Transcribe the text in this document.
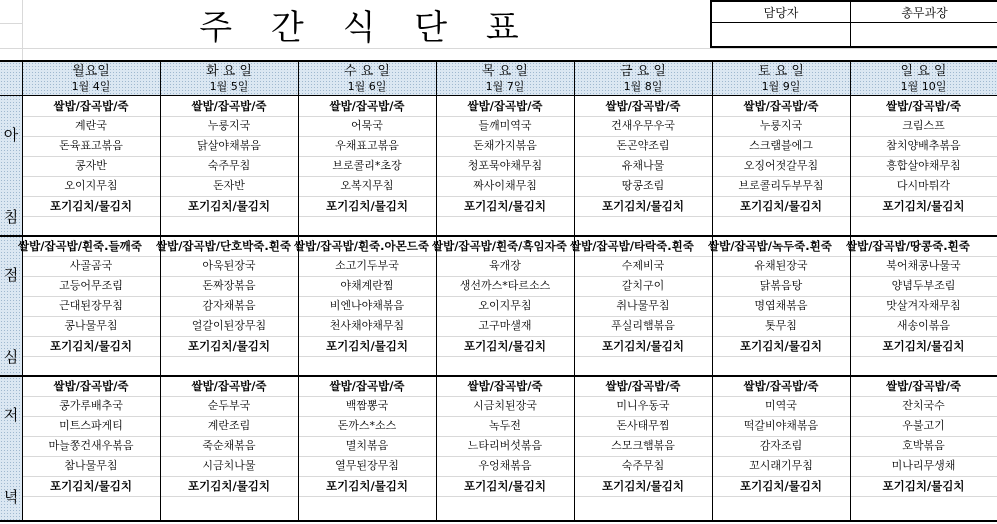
주 간 식 단 표	담당자	총무과장
아
침
점
심
저
녁
월요일
1월 4일
쌀밥/잡곡밥/죽
계란국
돈육표고볶음
콩자반
오이지무침
포기김치/물김치
쌀밥/잡곡밥/흰죽.들깨죽
사골곰국
고등어무조림
근대된장무침
콩나물무침
포기김치/물김치
쌀밥/잡곡밥/죽
콩가루배추국
미트스파게티
마늘쫑건새우볶음
참나물무침
포기김치/물김치
화 요 일
1월 5일
쌀밥/잡곡밥/죽
누룽지국
닭살야채볶음
숙주무침
돈자반
포기김치/물김치
쌀밥/잡곡밥/단호박죽.흰죽
아욱된장국
돈짜장볶음
감자채볶음
얼갈이된장무침
포기김치/물김치
쌀밥/잡곡밥/죽
순두부국
계란조림
죽순채볶음
시금치나물
포기김치/물김치
수 요 일
1월 6일
쌀밥/잡곡밥/죽
어묵국
우채표고볶음
브로콜리*초장
오복지무침
포기김치/물김치
쌀밥/잡곡밥/흰죽.아몬드죽
소고기두부국
야채계란찜
비엔나야채볶음
천사채야채무침
포기김치/물김치
쌀밥/잡곡밥/죽
백짬뽕국
돈까스*소스
멸치볶음
열무된장무침
포기김치/물김치
목 요 일
1월 7일
쌀밥/잡곡밥/죽
들깨미역국
돈채가지볶음
청포묵야채무침
짜사이채무침
포기김치/물김치
쌀밥/잡곡밥/흰죽/흑임자죽
육개장
생선까스*타르소스
오이지무침
고구마샐재
포기김치/물김치
쌀밥/잡곡밥/죽
시금치된장국
녹두전
느타리버섯볶음
우엉채볶음
포기김치/물김치
금 요 일
1월 8일
쌀밥/잡곡밥/죽
건새우무우국
돈곤약조림
유채나물
땅콩조림
포기김치/물김치
쌀밥/잡곡밥/타락죽.흰죽
수제비국
갈치구이
취나물무침
푸실리햄볶음
포기김치/물김치
쌀밥/잡곡밥/죽
미니우동국
돈사태무찜
스모크햄볶음
숙주무침
포기김치/물김치
토 요 일
1월 9일
쌀밥/잡곡밥/죽
누룽지국
스크램블에그
오징어젓갈무침
브로콜리두부무침
포기김치/물김치
쌀밥/잡곡밥/녹두죽.흰죽
유채된장국
닭볶음탕
명엽채볶음
톳무침
포기김치/물김치
쌀밥/잡곡밥/죽
미역국
떡갈비야채볶음
감자조림
꼬시래기무침
포기김치/물김치
일 요 일
1월 10일
쌀밥/잡곡밥/죽
크림스프
참치양배추볶음
흥합살야채무침
다시마튀각
포기김치/물김치
쌀밥/잡곡밥/땅콩죽.흰죽
북어채콩나물국
양념두부조림
맛살겨자채무침
새송이볶음
포기김치/물김치
쌀밥/잡곡밥/죽
잔치국수
우불고기
호박볶음
미나리무생채
포기김치/물김치
